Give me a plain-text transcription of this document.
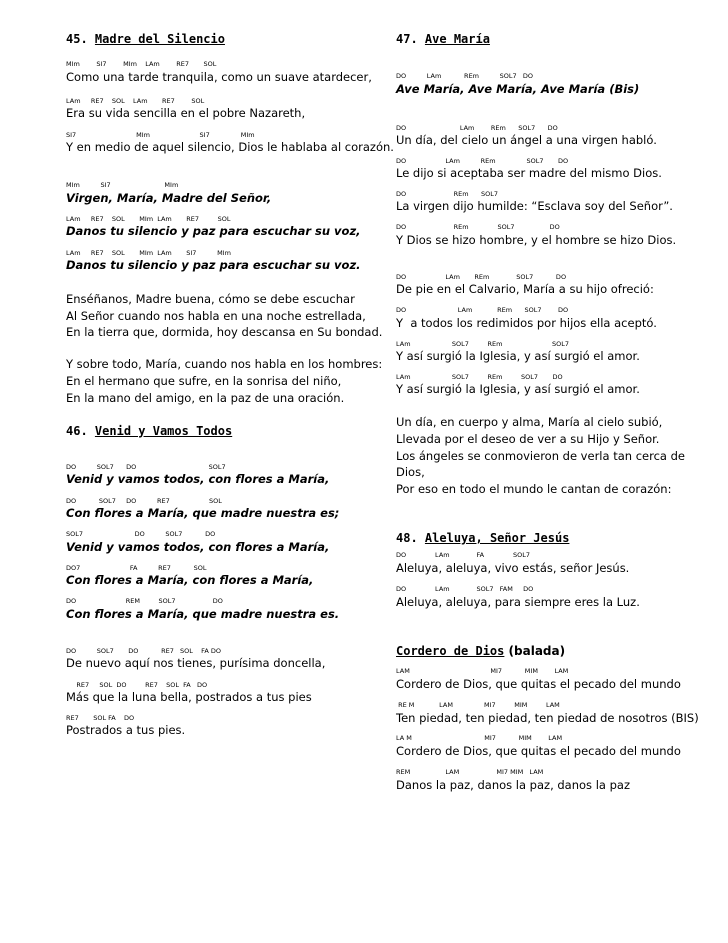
45. Madre del Silencio
MIm        SI7        MIm    LAm        RE7       SOL
Como una tarde tranquila, como un suave atardecer,
LAm     RE7    SOL    LAm       RE7        SOL
Era su vida sencilla en el pobre Nazareth,
SI7                             MIm                        SI7               MIm
Y en medio de aquel silencio, Dios le hablaba al corazón.
MIm          SI7                          MIm
Virgen, María, Madre del Señor,
LAm     RE7    SOL       MIm  LAm       RE7         SOL
Danos tu silencio y paz para escuchar su voz,
LAm     RE7    SOL       MIm  LAm       SI7          MIm
Danos tu silencio y paz para escuchar su voz.
Enséñanos, Madre buena, cómo se debe escuchar
Al Señor cuando nos habla en una noche estrellada,
En la tierra que, dormida, hoy descansa en Su bondad.
Y sobre todo, María, cuando nos habla en los hombres:
En el hermano que sufre, en la sonrisa del niño,
En la mano del amigo, en la paz de una oración.
46. Venid y Vamos Todos
DO          SOL7      DO                                   SOL7
Venid y vamos todos, con flores a María,
DO           SOL7     DO          RE7                   SOL
Con flores a María, que madre nuestra es;
SOL7                         DO          SOL7           DO
Venid y vamos todos, con flores a María,
DO7                        FA          RE7           SOL
Con flores a María, con flores a María,
DO                        REM         SOL7                  DO
Con flores a María, que madre nuestra es.
DO          SOL7       DO           RE7   SOL    FA DO
De nuevo aquí nos tienes, purísima doncella,
RE7     SOL  DO         RE7    SOL  FA   DO
Más que la luna bella, postrados a tus pies
RE7       SOL FA    DO
Postrados a tus pies.
47. Ave María
DO          LAm           REm          SOL7   DO
Ave María, Ave María, Ave María (Bis)
DO                          LAm        REm      SOL7      DO
Un día, del cielo un ángel a una virgen habló.
DO                   LAm          REm               SOL7       DO
Le dijo si aceptaba ser madre del mismo Dios.
DO                       REm      SOL7
La virgen dijo humilde: “Esclava soy del Señor”.
DO                       REm              SOL7                 DO
Y Dios se hizo hombre, y el hombre se hizo Dios.
DO                   LAm       REm             SOL7           DO
De pie en el Calvario, María a su hijo ofreció:
DO                         LAm            REm      SOL7        DO
Y  a todos los redimidos por hijos ella aceptó.
LAm                    SOL7         REm                        SOL7
Y así surgió la Iglesia, y así surgió el amor.
LAm                    SOL7         REm         SOL7       DO
Y así surgió la Iglesia, y así surgió el amor.
Un día, en cuerpo y alma, María al cielo subió,
Llevada por el deseo de ver a su Hijo y Señor.
Los ángeles se conmovieron de verla tan cerca de
Dios,
Por eso en todo el mundo le cantan de corazón:
48. Aleluya, Señor Jesús
DO              LAm             FA              SOL7
Aleluya, aleluya, vivo estás, señor Jesús.
DO              LAm             SOL7   FAM     DO
Aleluya, aleluya, para siempre eres la Luz.
Cordero de Dios (balada)
LAM                                       MI7           MIM        LAM
Cordero de Dios, que quitas el pecado del mundo
RE M            LAM               MI7         MIM         LAM
Ten piedad, ten piedad, ten piedad de nosotros (BIS)
LA M                                   MI7           MIM        LAM
Cordero de Dios, que quitas el pecado del mundo
REM                 LAM                  MI7 MIM   LAM
Danos la paz, danos la paz, danos la paz
